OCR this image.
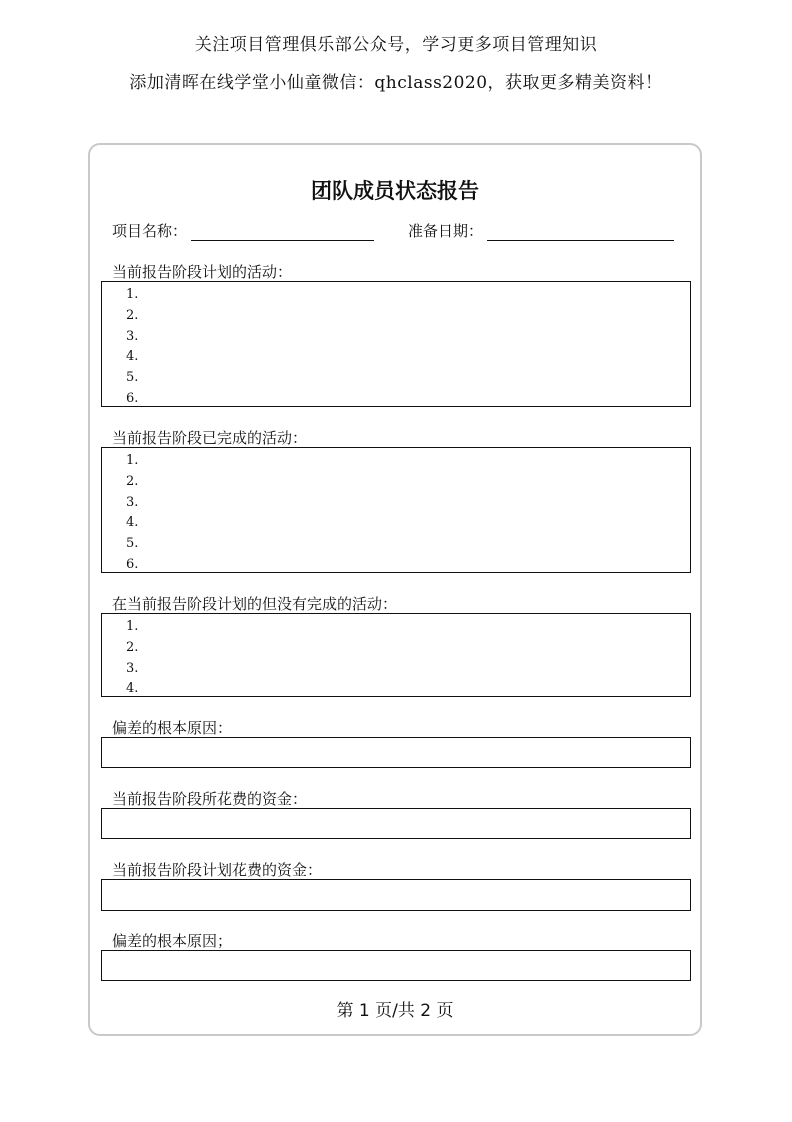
关注项目管理俱乐部公众号，学习更多项目管理知识
添加清晖在线学堂小仙童微信：qhclass2020，获取更多精美资料！
团队成员状态报告
项目名称：	准备日期：
当前报告阶段计划的活动：
1.
2.
3.
4.
5.
6.
当前报告阶段已完成的活动：
1.
2.
3.
4.
5.
6.
在当前报告阶段计划的但没有完成的活动：
1.
2.
3.
4.
偏差的根本原因：
当前报告阶段所花费的资金：
当前报告阶段计划花费的资金：
偏差的根本原因；
第 1 页/共 2 页
